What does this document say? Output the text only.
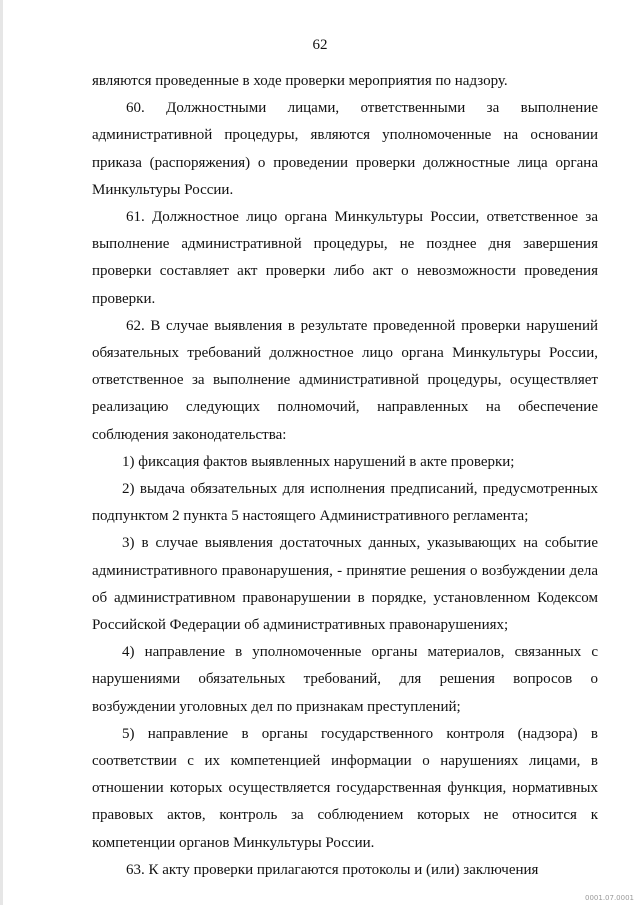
62

являются проведенные в ходе проверки мероприятия по надзору.

60. Должностными лицами, ответственными за выполнение административной процедуры, являются уполномоченные на основании приказа (распоряжения) о проведении проверки должностные лица органа Минкультуры России.

61. Должностное лицо органа Минкультуры России, ответственное за выполнение административной процедуры, не позднее дня завершения проверки составляет акт проверки либо акт о невозможности проведения проверки.

62. В случае выявления в результате проведенной проверки нарушений обязательных требований должностное лицо органа Минкультуры России, ответственное за выполнение административной процедуры, осуществляет реализацию следующих полномочий, направленных на обеспечение соблюдения законодательства:

1) фиксация фактов выявленных нарушений в акте проверки;

2) выдача обязательных для исполнения предписаний, предусмотренных подпунктом 2 пункта 5 настоящего Административного регламента;

3) в случае выявления достаточных данных, указывающих на событие административного правонарушения, - принятие решения о возбуждении дела об административном правонарушении в порядке, установленном Кодексом Российской Федерации об административных правонарушениях;

4) направление в уполномоченные органы материалов, связанных с нарушениями обязательных требований, для решения вопросов о возбуждении уголовных дел по признакам преступлений;

5) направление в органы государственного контроля (надзора) в соответствии с их компетенцией информации о нарушениях лицами, в отношении которых осуществляется государственная функция, нормативных правовых актов, контроль за соблюдением которых не относится к компетенции органов Минкультуры России.

63. К акту проверки прилагаются протоколы и (или) заключения

0001.07.0001
